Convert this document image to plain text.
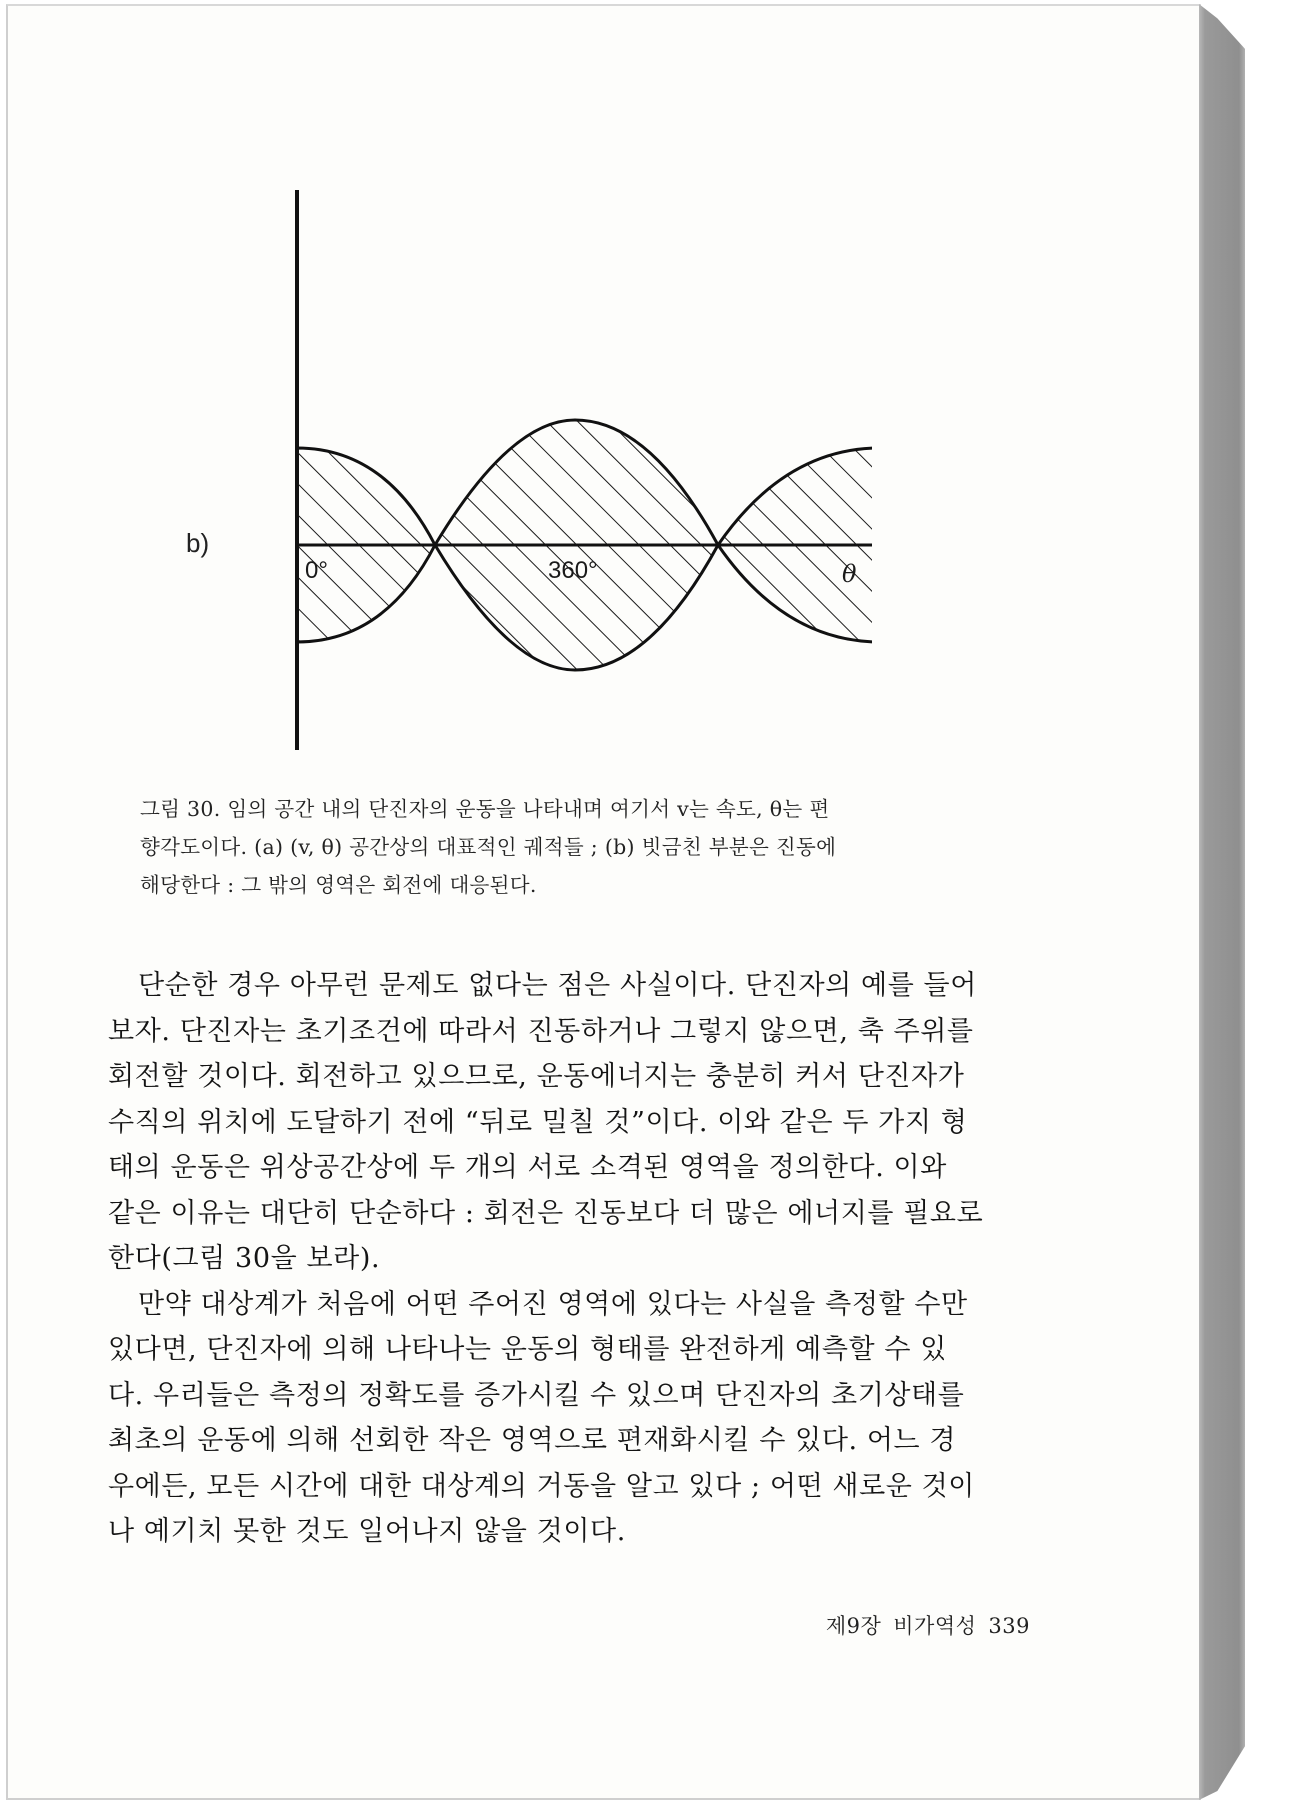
0°	360°	θ
b)
그림 30. 임의 공간 내의 단진자의 운동을 나타내며 여기서 v는 속도, θ는 편
향각도이다. (a) (v, θ) 공간상의 대표적인 궤적들 ; (b) 빗금친 부분은 진동에
해당한다 : 그 밖의 영역은 회전에 대응된다.
단순한 경우 아무런 문제도 없다는 점은 사실이다. 단진자의 예를 들어
보자. 단진자는 초기조건에 따라서 진동하거나 그렇지 않으면, 축 주위를
회전할 것이다. 회전하고 있으므로, 운동에너지는 충분히 커서 단진자가
수직의 위치에 도달하기 전에 “뒤로 밀칠 것”이다. 이와 같은 두 가지 형
태의 운동은 위상공간상에 두 개의 서로 소격된 영역을 정의한다. 이와
같은 이유는 대단히 단순하다 : 회전은 진동보다 더 많은 에너지를 필요로
한다(그림 30을 보라).
만약 대상계가 처음에 어떤 주어진 영역에 있다는 사실을 측정할 수만
있다면, 단진자에 의해 나타나는 운동의 형태를 완전하게 예측할 수 있
다. 우리들은 측정의 정확도를 증가시킬 수 있으며 단진자의 초기상태를
최초의 운동에 의해 선회한 작은 영역으로 편재화시킬 수 있다. 어느 경
우에든, 모든 시간에 대한 대상계의 거동을 알고 있다 ; 어떤 새로운 것이
나 예기치 못한 것도 일어나지 않을 것이다.
제9장 비가역성 339
